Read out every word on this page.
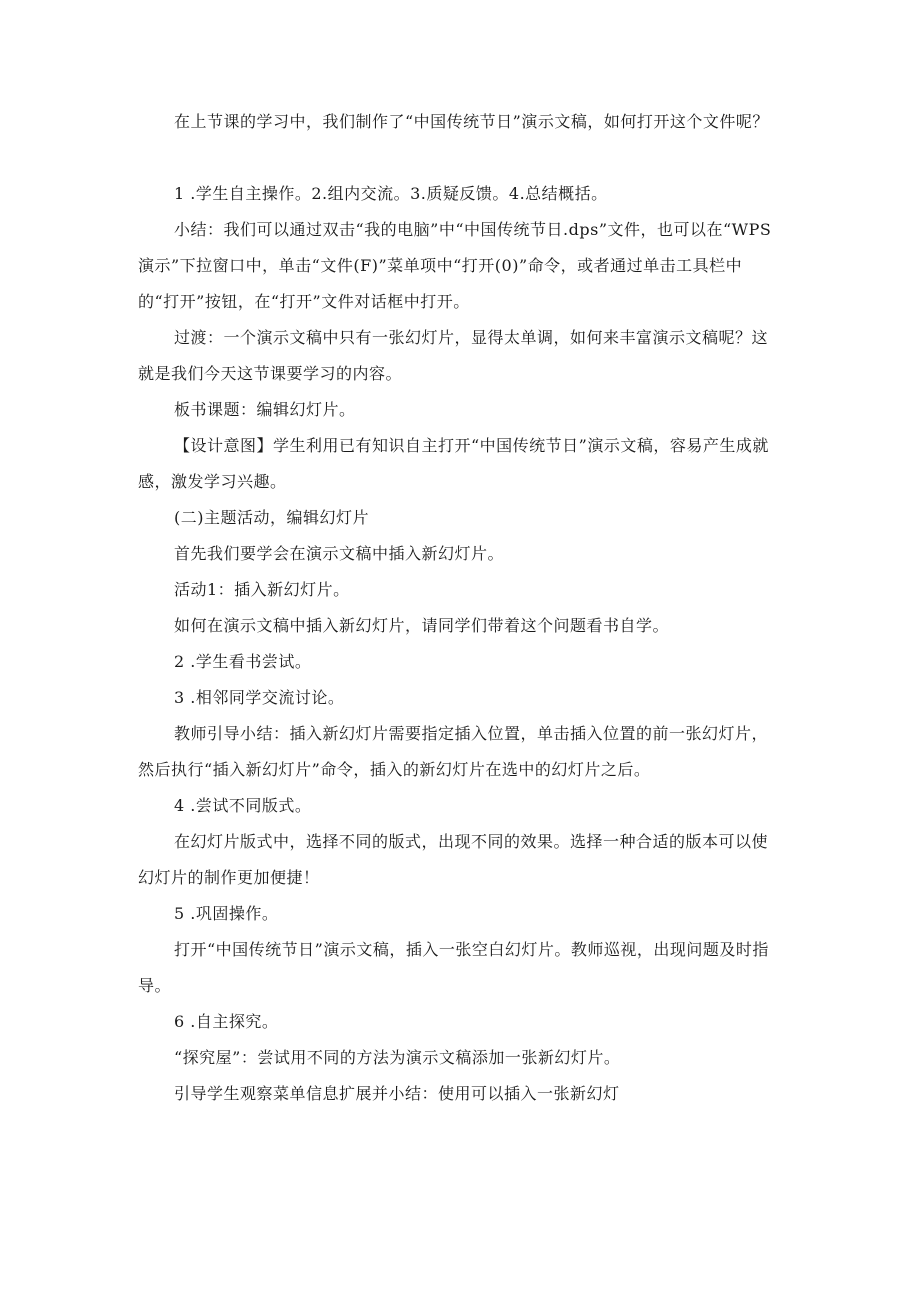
在上节课的学习中，我们制作了“中国传统节日”演示文稿，如何打开这个文件呢？

1 .学生自主操作。2.组内交流。3.质疑反馈。4.总结概括。

小结：我们可以通过双击“我的电脑”中“中国传统节日.dps”文件，也可以在“WPS演示”下拉窗口中，单击“文件(F)”菜单项中“打开(0)”命令，或者通过单击工具栏中的“打开”按钮，在“打开”文件对话框中打开。

过渡：一个演示文稿中只有一张幻灯片，显得太单调，如何来丰富演示文稿呢？这就是我们今天这节课要学习的内容。

板书课题：编辑幻灯片。

【设计意图】学生利用已有知识自主打开“中国传统节日”演示文稿，容易产生成就感，激发学习兴趣。

(二)主题活动，编辑幻灯片

首先我们要学会在演示文稿中插入新幻灯片。

活动1：插入新幻灯片。

如何在演示文稿中插入新幻灯片，请同学们带着这个问题看书自学。

2 .学生看书尝试。

3 .相邻同学交流讨论。

教师引导小结：插入新幻灯片需要指定插入位置，单击插入位置的前一张幻灯片，然后执行“插入新幻灯片”命令，插入的新幻灯片在选中的幻灯片之后。

4 .尝试不同版式。

在幻灯片版式中，选择不同的版式，出现不同的效果。选择一种合适的版本可以使幻灯片的制作更加便捷！

5 .巩固操作。

打开“中国传统节日”演示文稿，插入一张空白幻灯片。教师巡视，出现问题及时指导。

6 .自主探究。

“探究屋”：尝试用不同的方法为演示文稿添加一张新幻灯片。

引导学生观察菜单信息扩展并小结：使用可以插入一张新幻灯
